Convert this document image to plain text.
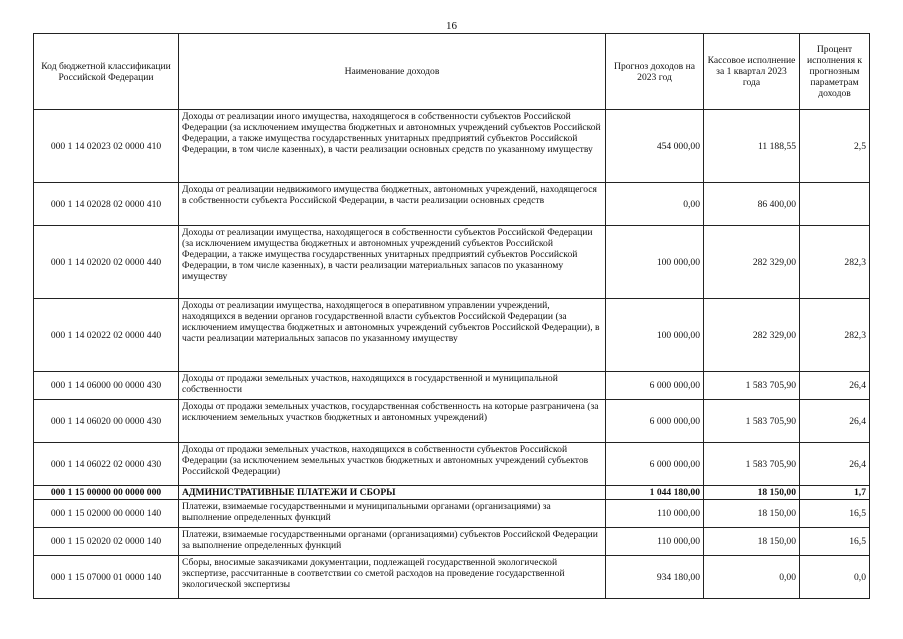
16
Код бюджетной классификации Российской Федерации	Наименование доходов	Прогноз доходов на 2023 год	Кассовое исполнение за 1 квартал 2023 года	Процент исполнения к прогнозным параметрам доходов
000 1 14 02023 02 0000 410	Доходы от реализации иного имущества, находящегося в собственности субъектов Российской Федерации (за исключением имущества бюджетных и автономных учреждений субъектов Российской Федерации, а также имущества государственных унитарных предприятий субъектов Российской Федерации, в том числе казенных), в части реализации основных средств по указанному имуществу	454 000,00	11 188,55	2,5
000 1 14 02028 02 0000 410	Доходы от реализации недвижимого имущества бюджетных, автономных учреждений, находящегося в собственности субъекта Российской Федерации, в части реализации основных средств	0,00	86 400,00	
000 1 14 02020 02 0000 440	Доходы от реализации имущества, находящегося в собственности субъектов Российской Федерации (за исключением имущества бюджетных и автономных учреждений субъектов Российской Федерации, а также имущества государственных унитарных предприятий субъектов Российской Федерации, в том числе казенных), в части реализации материальных запасов по указанному имуществу	100 000,00	282 329,00	282,3
000 1 14 02022 02 0000 440	Доходы от реализации имущества, находящегося в оперативном управлении учреждений, находящихся в ведении органов государственной власти субъектов Российской Федерации (за исключением имущества бюджетных и автономных учреждений субъектов Российской Федерации), в части реализации материальных запасов по указанному имуществу	100 000,00	282 329,00	282,3
000 1 14 06000 00 0000 430	Доходы от продажи земельных участков, находящихся в государственной и муниципальной собственности	6 000 000,00	1 583 705,90	26,4
000 1 14 06020 00 0000 430	Доходы от продажи земельных участков, государственная собственность на которые разграничена (за исключением земельных участков бюджетных и автономных учреждений)	6 000 000,00	1 583 705,90	26,4
000 1 14 06022 02 0000 430	Доходы от продажи земельных участков, находящихся в собственности субъектов Российской Федерации (за исключением земельных участков бюджетных и автономных учреждений субъектов Российской Федерации)	6 000 000,00	1 583 705,90	26,4
000 1 15 00000 00 0000 000	АДМИНИСТРАТИВНЫЕ ПЛАТЕЖИ И СБОРЫ	1 044 180,00	18 150,00	1,7
000 1 15 02000 00 0000 140	Платежи, взимаемые государственными и муниципальными органами (организациями) за выполнение определенных функций	110 000,00	18 150,00	16,5
000 1 15 02020 02 0000 140	Платежи, взимаемые государственными органами (организациями) субъектов Российской Федерации за выполнение определенных функций	110 000,00	18 150,00	16,5
000 1 15 07000 01 0000 140	Сборы, вносимые заказчиками документации, подлежащей государственной экологической экспертизе, рассчитанные в соответствии со сметой расходов на проведение государственной экологической экспертизы	934 180,00	0,00	0,0
